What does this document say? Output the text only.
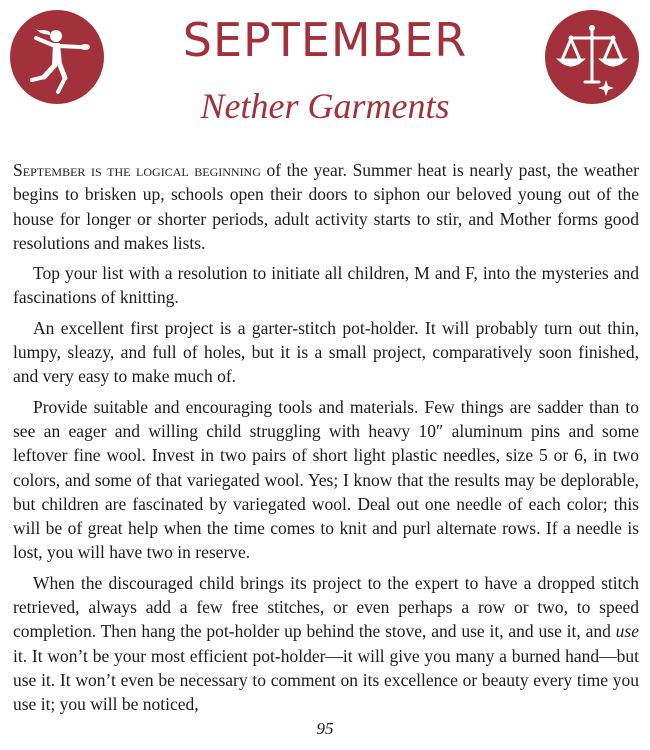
SEPTEMBER
Nether Garments

September is the logical beginning of the year. Summer heat is nearly past, the weather begins to brisken up, schools open their doors to siphon our beloved young out of the house for longer or shorter periods, adult activity starts to stir, and Mother forms good resolutions and makes lists.

Top your list with a resolution to initiate all children, M and F, into the mysteries and fascinations of knitting.

An excellent first project is a garter-stitch pot-holder. It will probably turn out thin, lumpy, sleazy, and full of holes, but it is a small project, comparatively soon finished, and very easy to make much of.

Provide suitable and encouraging tools and materials. Few things are sadder than to see an eager and willing child struggling with heavy 10″ aluminum pins and some leftover fine wool. Invest in two pairs of short light plastic needles, size 5 or 6, in two colors, and some of that variegated wool. Yes; I know that the results may be deplorable, but children are fascinated by variegated wool. Deal out one needle of each color; this will be of great help when the time comes to knit and purl alternate rows. If a needle is lost, you will have two in reserve.

When the discouraged child brings its project to the expert to have a dropped stitch retrieved, always add a few free stitches, or even perhaps a row or two, to speed completion. Then hang the pot-holder up behind the stove, and use it, and use it, and use it. It won’t be your most efficient pot-holder—it will give you many a burned hand—but use it. It won’t even be necessary to comment on its excellence or beauty every time you use it; you will be noticed,

95
